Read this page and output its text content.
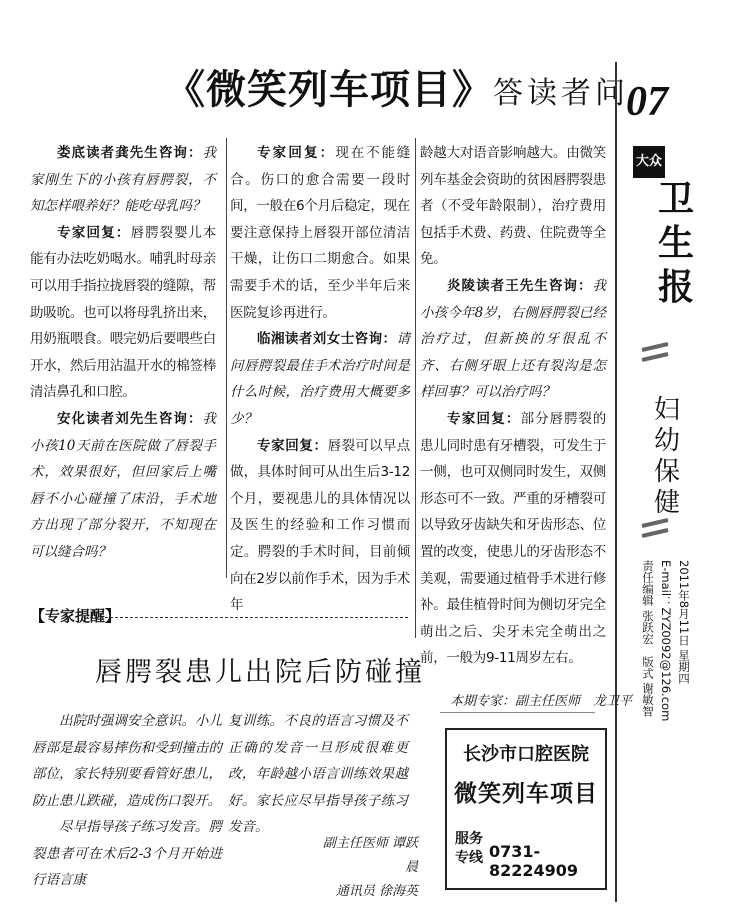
《微笑列车项目》答读者问

娄底读者龚先生咨询：我家刚生下的小孩有唇腭裂，不知怎样喂养好？能吃母乳吗？

专家回复：唇腭裂婴儿本能有办法吃奶喝水。哺乳时母亲可以用手指拉拢唇裂的缝隙，帮助吸吮。也可以将母乳挤出来，用奶瓶喂食。喂完奶后要喂些白开水，然后用沾温开水的棉签棒清洁鼻孔和口腔。

安化读者刘先生咨询：我小孩10天前在医院做了唇裂手术，效果很好，但回家后上嘴唇不小心碰撞了床沿，手术地方出现了部分裂开，不知现在可以缝合吗？

专家回复：现在不能缝合。伤口的愈合需要一段时间，一般在6个月后稳定，现在要注意保持上唇裂开部位清洁干燥，让伤口二期愈合。如果需要手术的话，至少半年后来医院复诊再进行。

临湘读者刘女士咨询：请问唇腭裂最佳手术治疗时间是什么时候，治疗费用大概要多少？

专家回复：唇裂可以早点做，具体时间可从出生后3-12个月，要视患儿的具体情况以及医生的经验和工作习惯而定。腭裂的手术时间，目前倾向在2岁以前作手术，因为手术年

龄越大对语音影响越大。由微笑列车基金会资助的贫困唇腭裂患者（不受年龄限制），治疗费用包括手术费、药费、住院费等全免。

炎陵读者王先生咨询：我小孩今年8岁，右侧唇腭裂已经治疗过，但新换的牙很乱不齐、右侧牙眼上还有裂沟是怎样回事？可以治疗吗？

专家回复：部分唇腭裂的患儿同时患有牙槽裂，可发生于一侧，也可双侧同时发生，双侧形态可不一致。严重的牙槽裂可以导致牙齿缺失和牙齿形态、位置的改变，使患儿的牙齿形态不美观，需要通过植骨手术进行修补。最佳植骨时间为侧切牙完全萌出之后、尖牙未完全萌出之前，一般为9-11周岁左右。

07
大众
卫生报
妇幼保健
2011年8月11日 星期四
E-mail：ZYZ0092@126.com
责任编辑 张跃宏　版式 谢敏智
【专家提醒】
唇腭裂患儿出院后防碰撞

出院时强调安全意识。小儿唇部是最容易摔伤和受到撞击的部位，家长特别要看管好患儿，防止患儿跌碰，造成伤口裂开。

尽早指导孩子练习发音。腭裂患者可在术后2-3个月开始进行语言康

复训练。不良的语言习惯及不正确的发音一旦形成很难更改，年龄越小语言训练效果越好。家长应尽早指导孩子练习发音。

副主任医师 谭跃晨
通讯员 徐海英
本期专家：副主任医师　龙卫平
长沙市口腔医院
微笑列车项目
服务专线 0731-82224909
